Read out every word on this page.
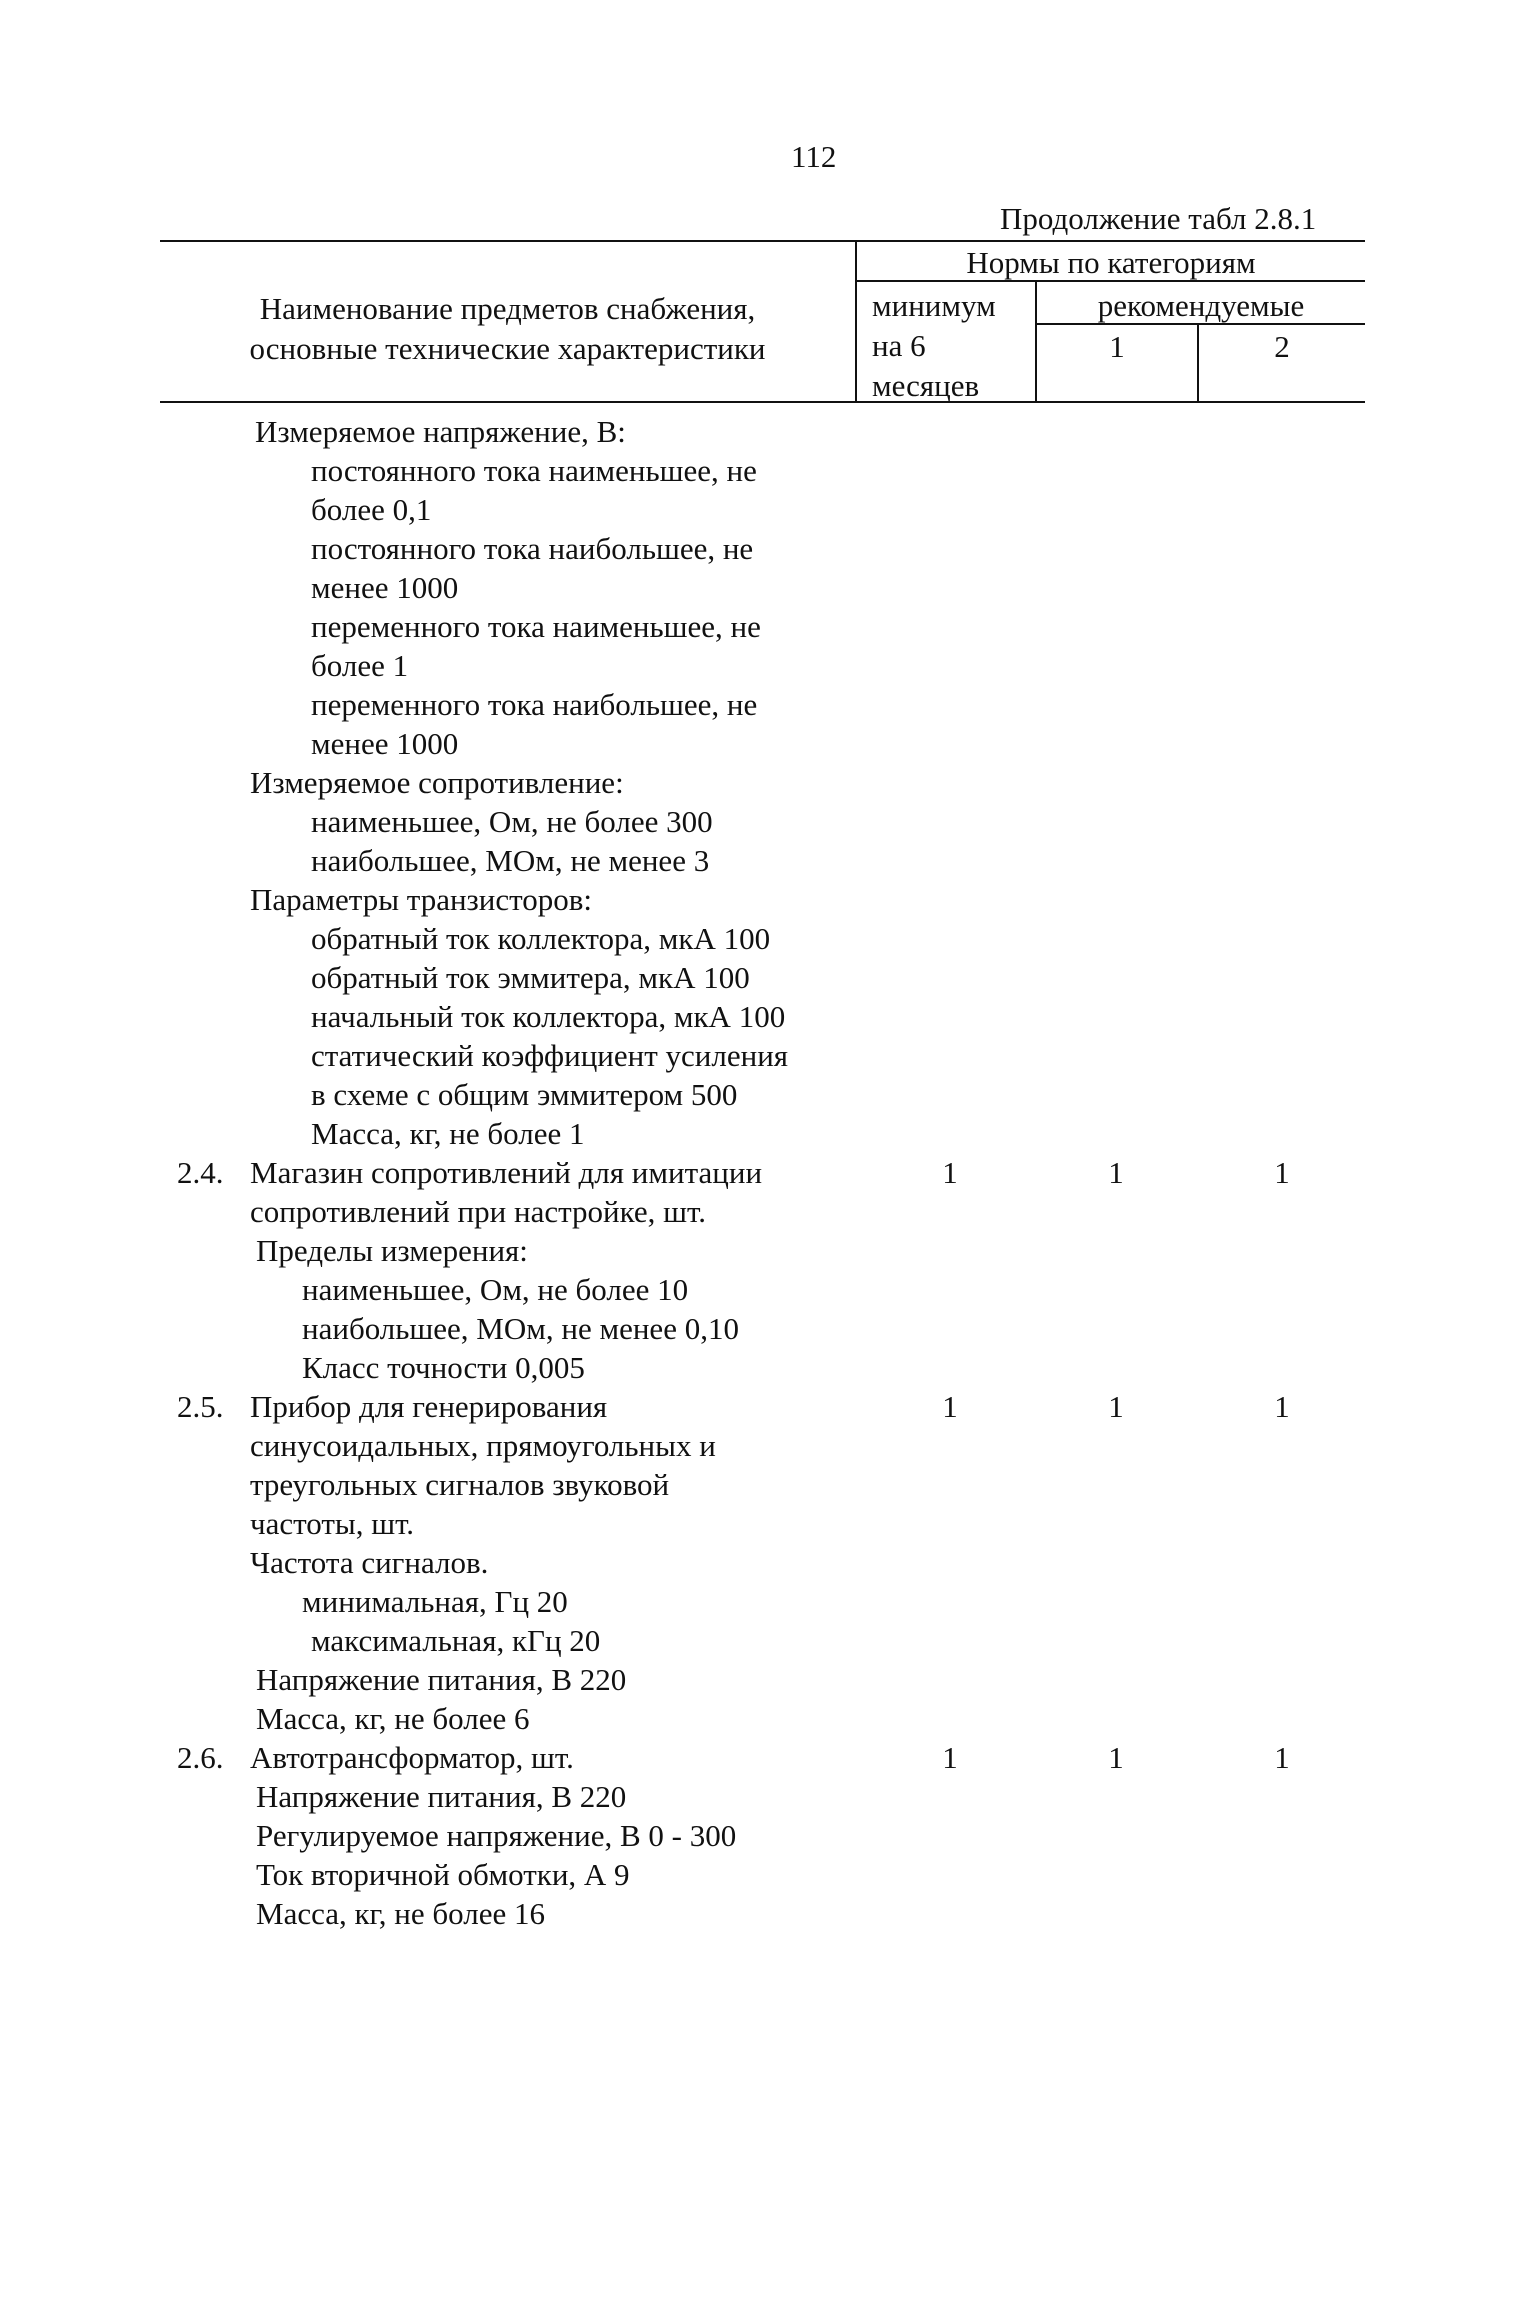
112
Продолжение табл 2.8.1
Наименование предметов снабжения,
основные технические характеристики
Нормы по категориям
минимум
на 6
месяцев
рекомендуемые
1	2
Измеряемое напряжение, В:
постоянного тока наименьшее, не
более 0,1
постоянного тока наибольшее, не
менее 1000
переменного тока наименьшее, не
более 1
переменного тока наибольшее, не
менее 1000
Измеряемое сопротивление:
наименьшее, Ом, не более 300
наибольшее, МОм, не менее 3
Параметры транзисторов:
обратный ток коллектора, мкА 100
обратный ток эммитера, мкА 100
начальный ток коллектора, мкА 100
статический коэффициент усиления
в схеме с общим эммитером 500
Масса, кг, не более 1
2.4. Магазин сопротивлений для имитации	1	1	1
сопротивлений при настройке, шт.
Пределы измерения:
наименьшее, Ом, не более 10
наибольшее, МОм, не менее 0,10
Класс точности 0,005
2.5. Прибор для генерирования	1	1	1
синусоидальных, прямоугольных и
треугольных сигналов звуковой
частоты, шт.
Частота сигналов.
минимальная, Гц 20
максимальная, кГц 20
Напряжение питания, В 220
Масса, кг, не более 6
2.6. Автотрансформатор, шт.	1	1	1
Напряжение питания, В 220
Регулируемое напряжение, В 0 - 300
Ток вторичной обмотки, А 9
Масса, кг, не более 16
